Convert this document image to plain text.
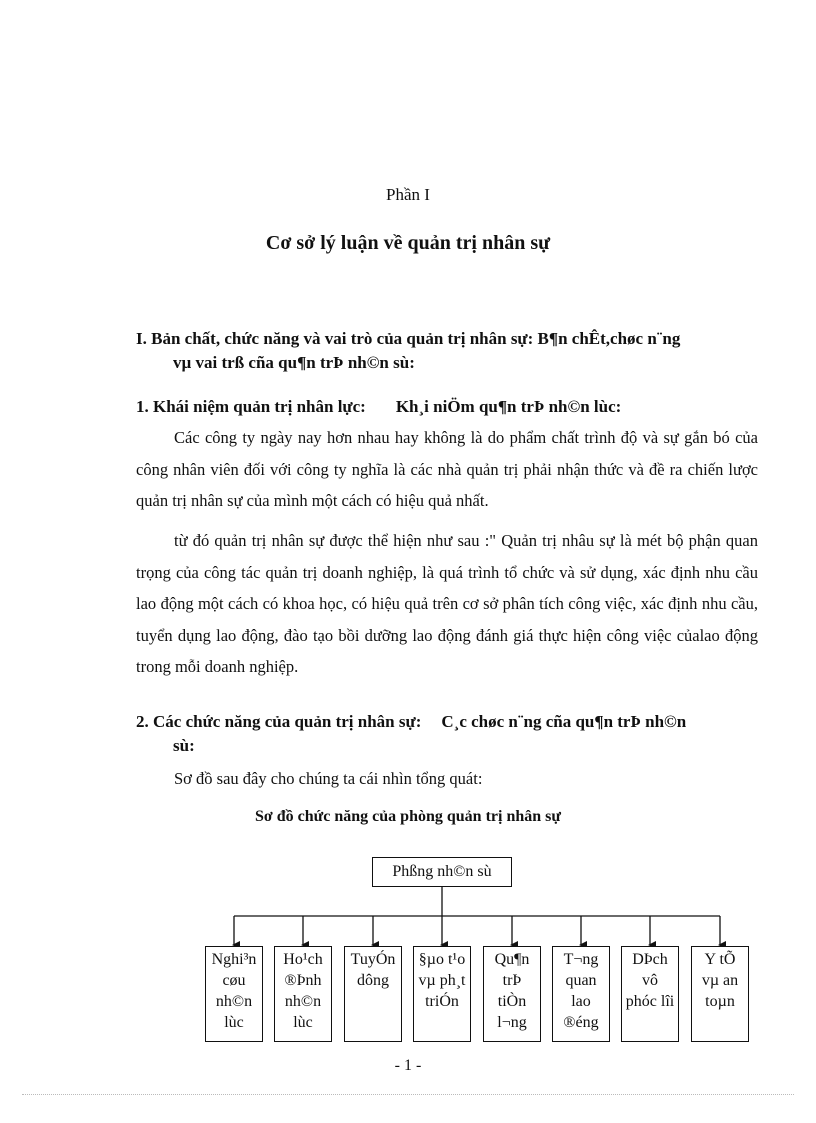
Phần I
Cơ sở lý luận về quản trị nhân sự
I. Bản chất, chức năng và vai trò của quản trị nhân sự: B¶n chÊt,chøc n¨ng
vµ vai trß cña qu¶n trÞ nh©n sù:
1. Khái niệm quản trị nhân lực: Kh¸i niÖm qu¶n trÞ nh©n lùc:

Các công ty ngày nay hơn nhau hay không là do phẩm chất trình độ và sự gắn bó của công nhân viên đối với công ty nghĩa là các nhà quản trị phải nhận thức và đề ra chiến lược quản trị nhân sự của mình một cách có hiệu quả nhất.

từ đó quản trị nhân sự được thể hiện như sau :" Quản trị nhâu sự là mét bộ phận quan trọng của công tác quản trị doanh nghiệp, là quá trình tổ chức và sử dụng, xác định nhu cầu lao động một cách có khoa học, có hiệu quả trên cơ sở phân tích công việc, xác định nhu cầu, tuyển dụng lao động, đào tạo bồi dưỡng lao động đánh giá thực hiện công việc củalao động trong mỗi doanh nghiệp.

2. Các chức năng của quản trị nhân sự: C¸c chøc n¨ng cña qu¶n trÞ nh©n
sù:

Sơ đồ sau đây cho chúng ta cái nhìn tổng quát:

Sơ đồ chức năng của phòng quản trị nhân sự
Phßng nh©n sù
Nghi³n
cøu
nh©n
lùc
Ho¹ch
®Þnh
nh©n
lùc
TuyÓn
dông
§µo t¹o
vµ ph¸t
triÓn
Qu¶n
trÞ
tiÒn
l¬ng
T¬ng
quan
lao
®éng
DÞch
vô
phóc lîi
Y tÕ
vµ an
toµn
- 1 -
